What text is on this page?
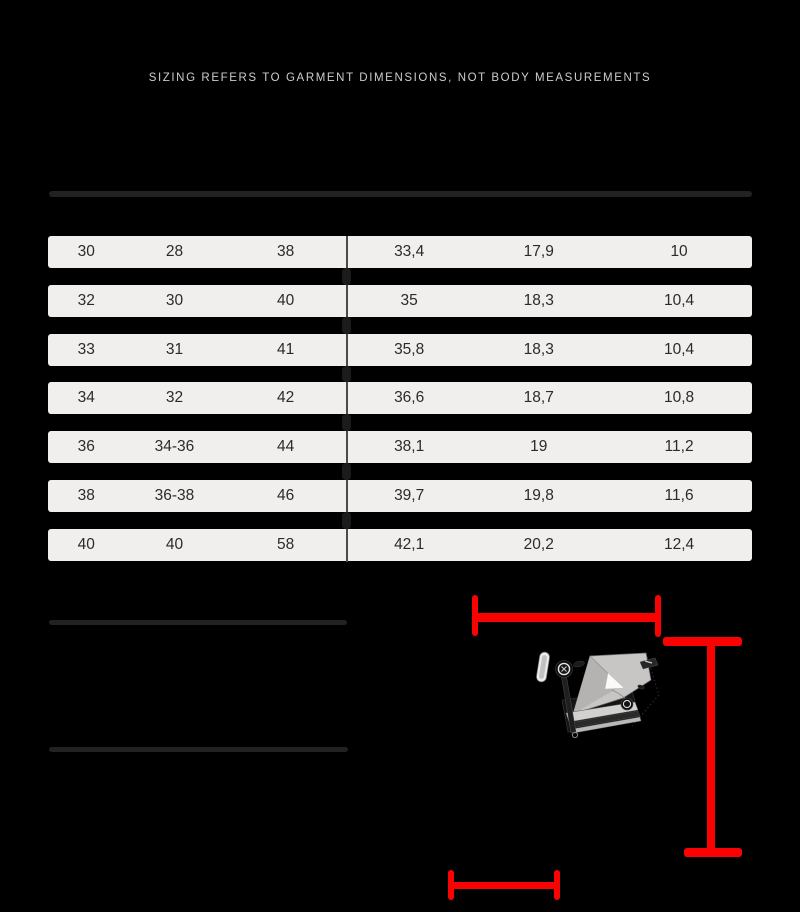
SIZING REFERS TO GARMENT DIMENSIONS, NOT BODY MEASUREMENTS
30	28	38	33,4	17,9	10
32	30	40	35	18,3	10,4
33	31	41	35,8	18,3	10,4
34	32	42	36,6	18,7	10,8
36	34-36	44	38,1	19	11,2
38	36-38	46	39,7	19,8	11,6
40	40	58	42,1	20,2	12,4
